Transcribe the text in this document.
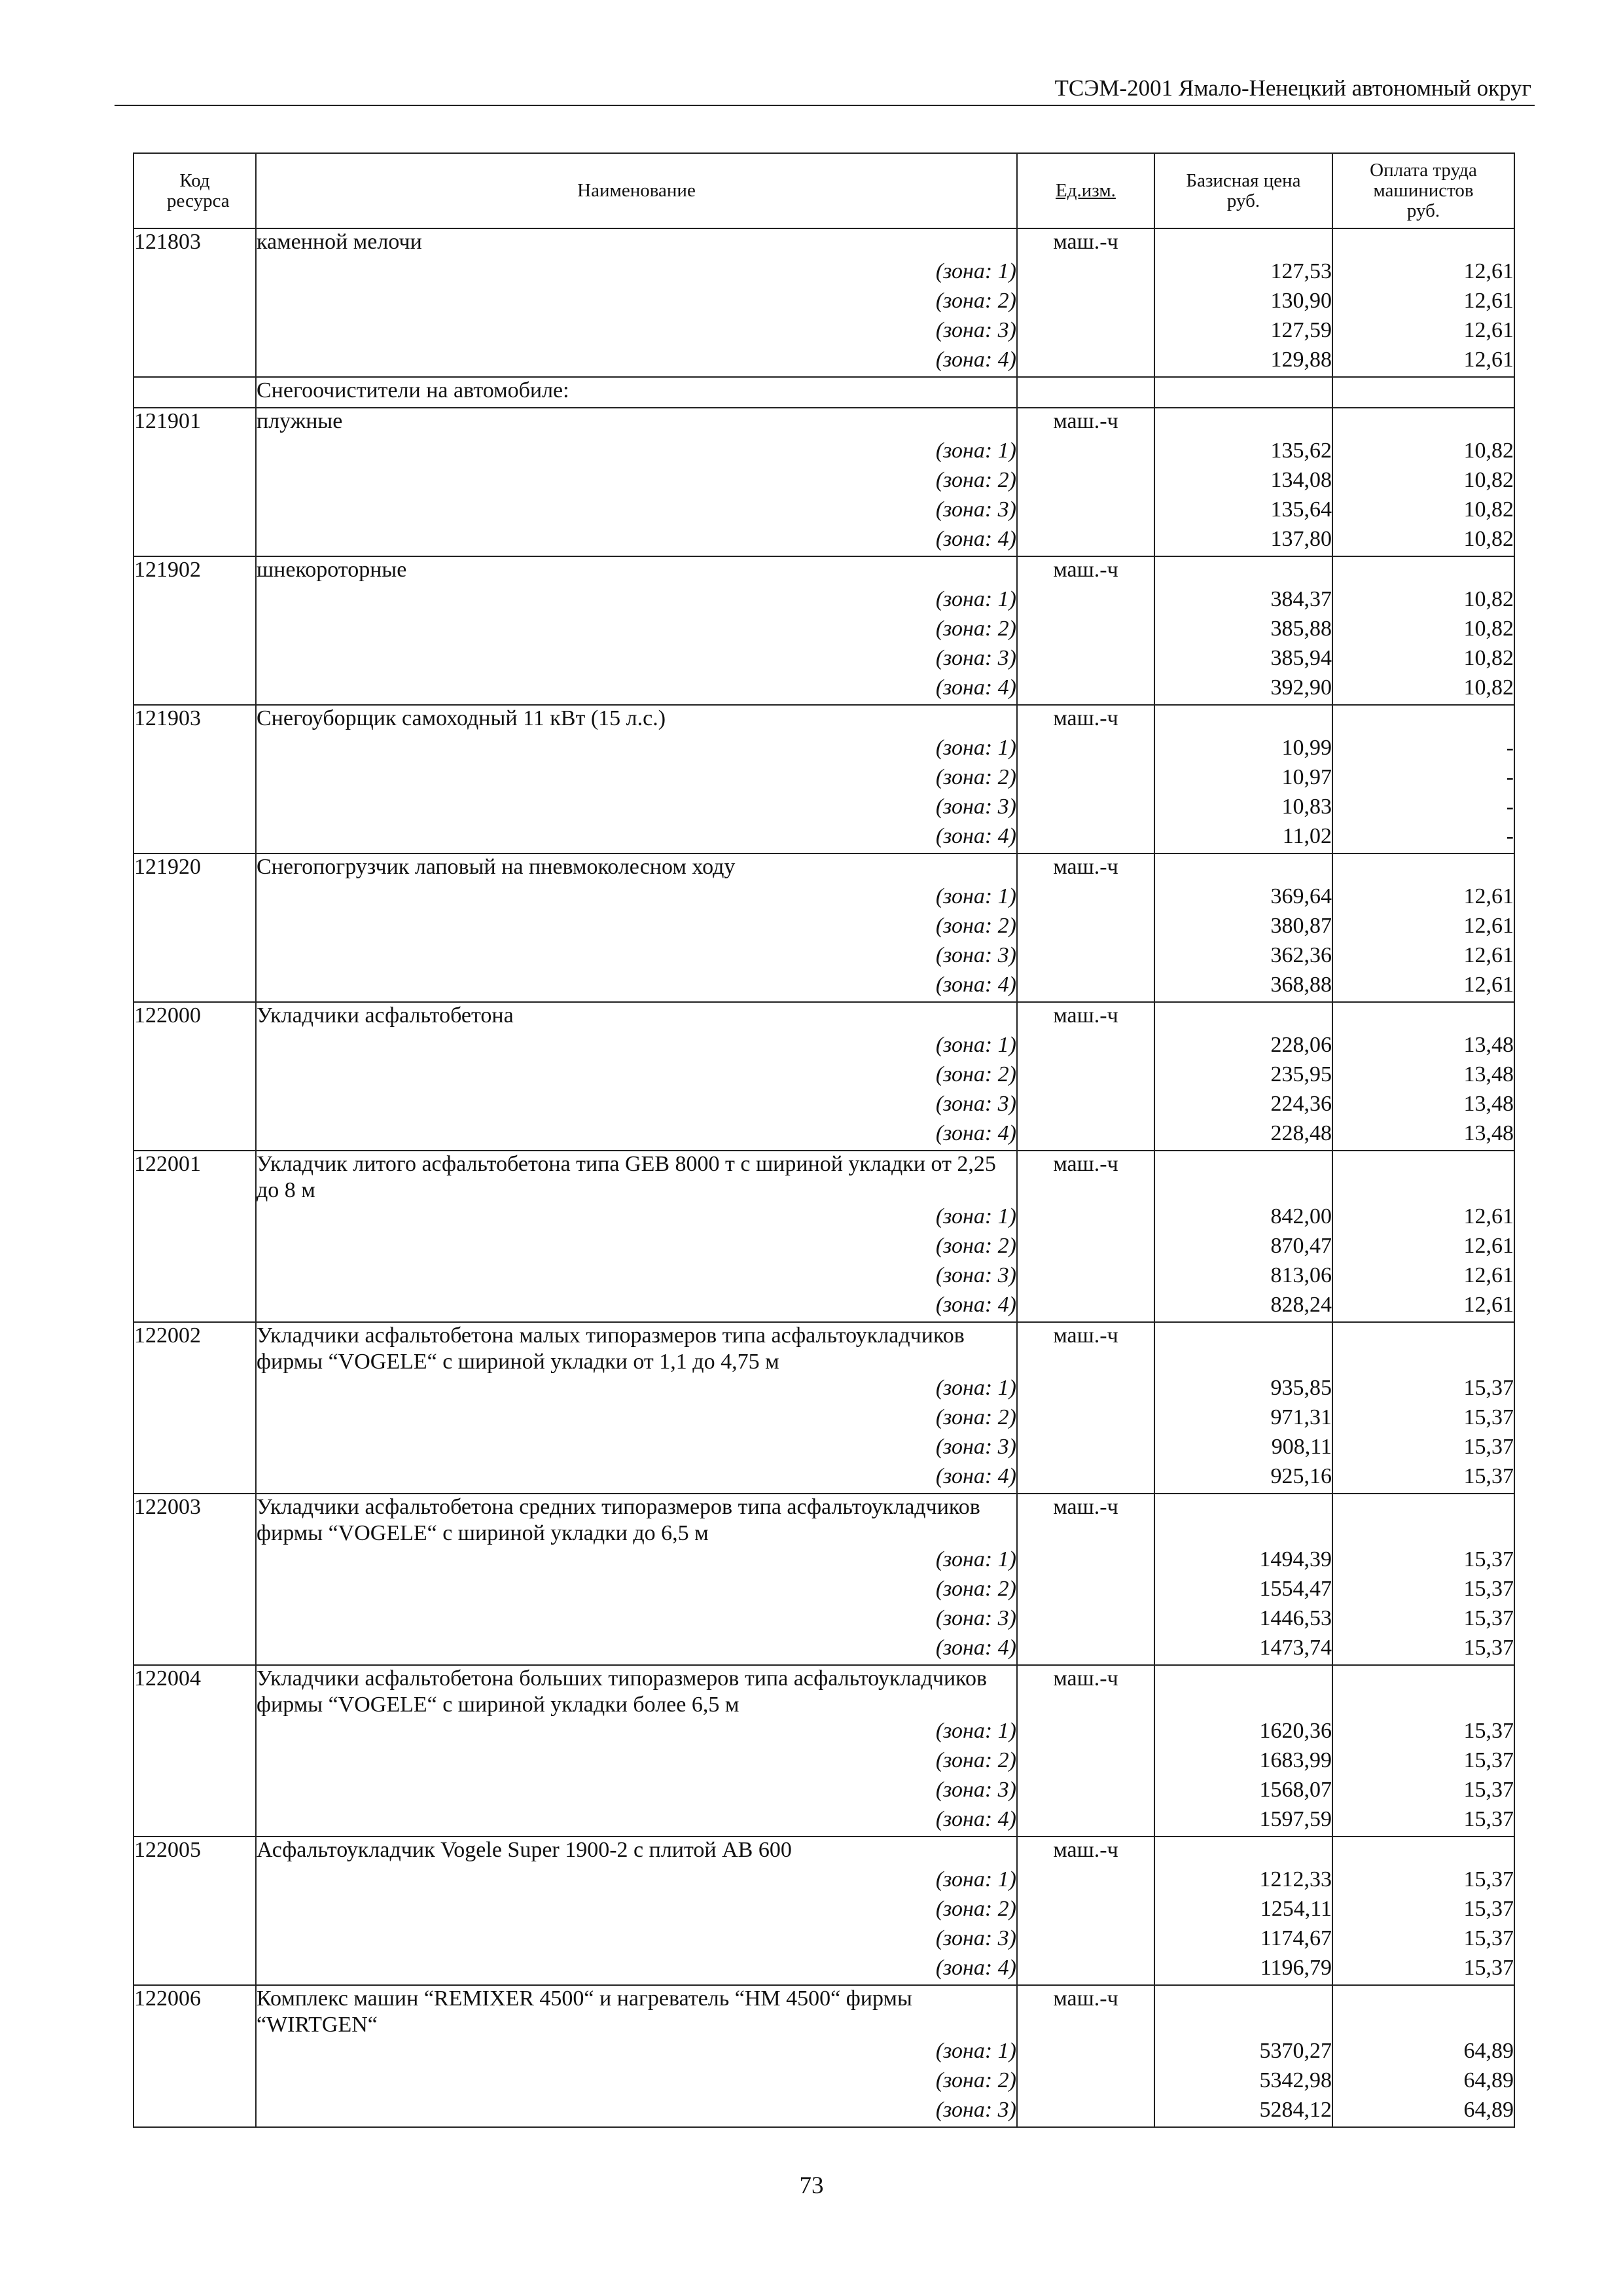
ТСЭМ-2001 Ямало-Ненецкий автономный округ
Код ресурса	Наименование	Ед.изм.	Базисная цена руб.	Оплата труда машинистов руб.
121803	каменной мелочи	маш.-ч		
	(зона: 1)		127,53	12,61
	(зона: 2)		130,90	12,61
	(зона: 3)		127,59	12,61
	(зона: 4)		129,88	12,61
	Снегоочистители на автомобиле:			
121901	плужные	маш.-ч		
	(зона: 1)		135,62	10,82
	(зона: 2)		134,08	10,82
	(зона: 3)		135,64	10,82
	(зона: 4)		137,80	10,82
121902	шнекороторные	маш.-ч		
	(зона: 1)		384,37	10,82
	(зона: 2)		385,88	10,82
	(зона: 3)		385,94	10,82
	(зона: 4)		392,90	10,82
121903	Снегоуборщик самоходный 11 кВт (15 л.с.)	маш.-ч		
	(зона: 1)		10,99	-
	(зона: 2)		10,97	-
	(зона: 3)		10,83	-
	(зона: 4)		11,02	-
121920	Снегопогрузчик лаповый на пневмоколесном ходу	маш.-ч		
	(зона: 1)		369,64	12,61
	(зона: 2)		380,87	12,61
	(зона: 3)		362,36	12,61
	(зона: 4)		368,88	12,61
122000	Укладчики асфальтобетона	маш.-ч		
	(зона: 1)		228,06	13,48
	(зона: 2)		235,95	13,48
	(зона: 3)		224,36	13,48
	(зона: 4)		228,48	13,48
122001	Укладчик литого асфальтобетона типа GEB 8000 т с шириной укладки от 2,25 до 8 м	маш.-ч		
	(зона: 1)		842,00	12,61
	(зона: 2)		870,47	12,61
	(зона: 3)		813,06	12,61
	(зона: 4)		828,24	12,61
122002	Укладчики асфальтобетона малых типоразмеров типа асфальтоукладчиков фирмы “VOGELE“ с шириной укладки от 1,1 до 4,75 м	маш.-ч		
	(зона: 1)		935,85	15,37
	(зона: 2)		971,31	15,37
	(зона: 3)		908,11	15,37
	(зона: 4)		925,16	15,37
122003	Укладчики асфальтобетона средних типоразмеров типа асфальтоукладчиков фирмы “VOGELE“ с шириной укладки до 6,5 м	маш.-ч		
	(зона: 1)		1494,39	15,37
	(зона: 2)		1554,47	15,37
	(зона: 3)		1446,53	15,37
	(зона: 4)		1473,74	15,37
122004	Укладчики асфальтобетона больших типоразмеров типа асфальтоукладчиков фирмы “VOGELE“ с шириной укладки более 6,5 м	маш.-ч		
	(зона: 1)		1620,36	15,37
	(зона: 2)		1683,99	15,37
	(зона: 3)		1568,07	15,37
	(зона: 4)		1597,59	15,37
122005	Асфальтоукладчик Vogele Super 1900-2 с плитой AB 600	маш.-ч		
	(зона: 1)		1212,33	15,37
	(зона: 2)		1254,11	15,37
	(зона: 3)		1174,67	15,37
	(зона: 4)		1196,79	15,37
122006	Комплекс машин “REMIXER 4500“ и нагреватель “HM 4500“ фирмы “WIRTGEN“	маш.-ч		
	(зона: 1)		5370,27	64,89
	(зона: 2)		5342,98	64,89
	(зона: 3)		5284,12	64,89
73
